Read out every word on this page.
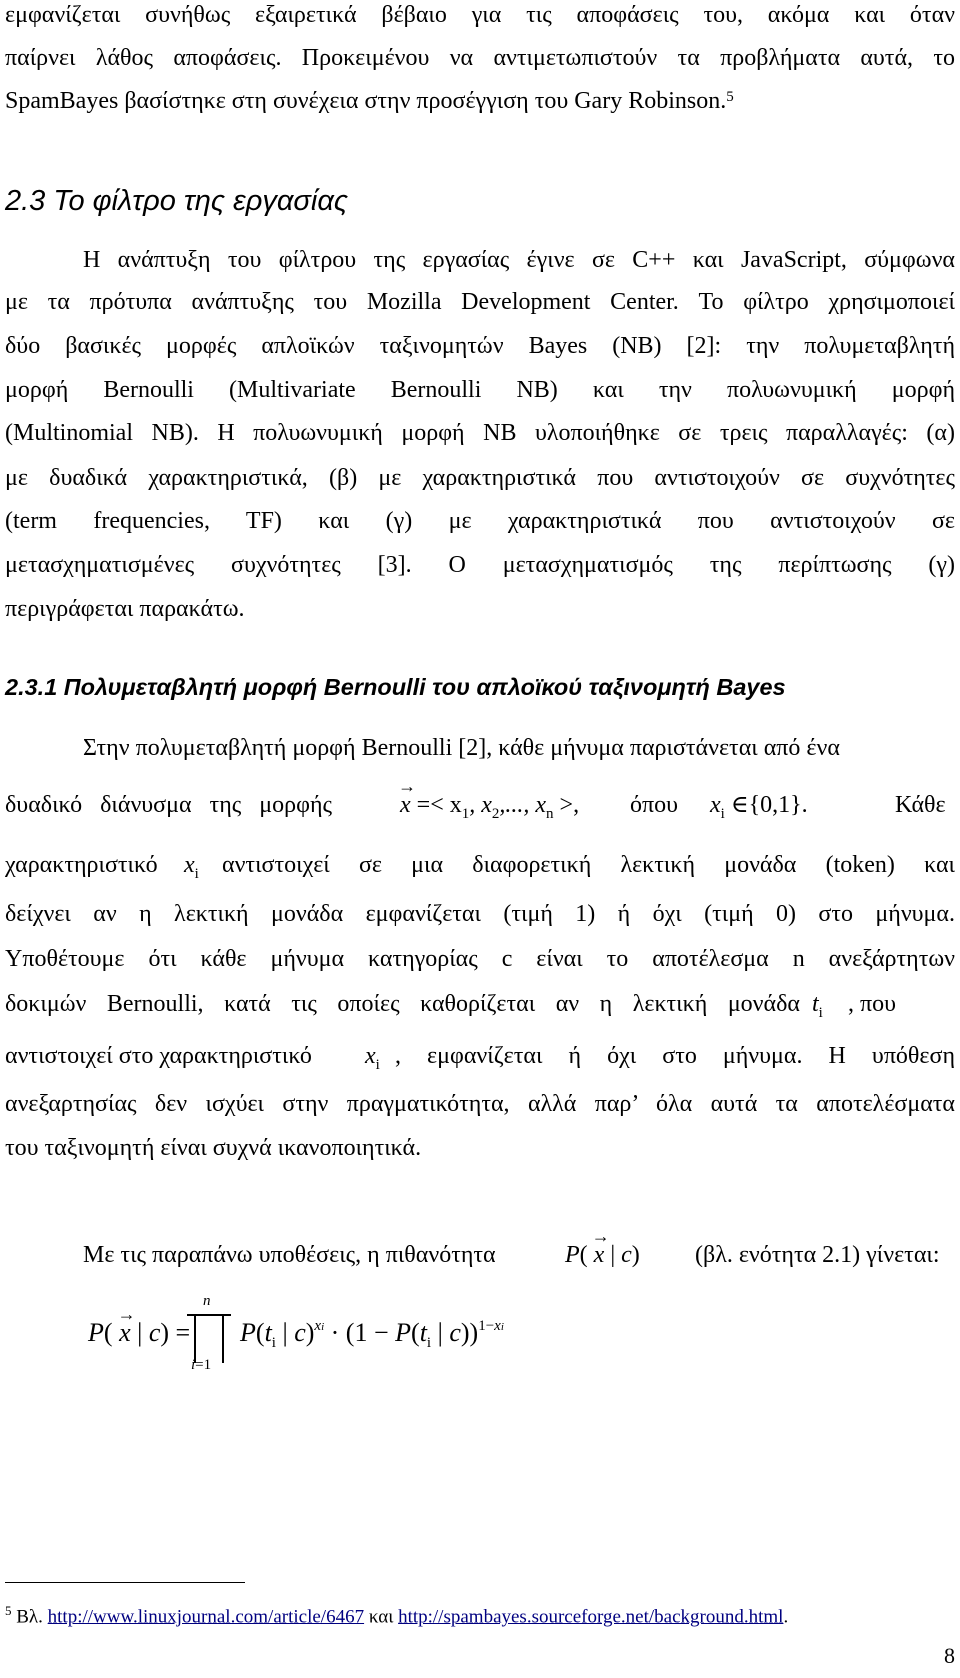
εμφανίζεται συνήθως εξαιρετικά βέβαιο για τις αποφάσεις του, ακόμα και όταν
παίρνει λάθος αποφάσεις. Προκειμένου να αντιμετωπιστούν τα προβλήματα αυτά, το
SpamBayes βασίστηκε στη συνέχεια στην προσέγγιση του Gary Robinson.$^5$
2.3 Το φίλτρο της εργασίας
Η ανάπτυξη του φίλτρου της εργασίας έγινε σε C++ και JavaScript, σύμφωνα
με τα πρότυπα ανάπτυξης του Mozilla Development Center. Το φίλτρο χρησιμοποιεί
δύο βασικές μορφές απλοϊκών ταξινομητών Bayes (NB) [2]: την πολυμεταβλητή
μορφή Bernoulli (Multivariate Bernoulli NB) και την πολυωνυμική μορφή
(Multinomial NB). Η πολυωνυμική μορφή NB υλοποιήθηκε σε τρεις παραλλαγές: (α)
με δυαδικά χαρακτηριστικά, (β) με χαρακτηριστικά που αντιστοιχούν σε συχνότητες
(term frequencies, TF) και (γ) με χαρακτηριστικά που αντιστοιχούν σε
μετασχηματισμένες συχνότητες [3]. Ο μετασχηματισμός της περίπτωσης (γ)
περιγράφεται παρακάτω.
2.3.1 Πολυμεταβλητή μορφή Bernoulli του απλοϊκού ταξινομητή Bayes
Στην πολυμεταβλητή μορφή Bernoulli [2], κάθε μήνυμα παριστάνεται από ένα
δυαδικό διάνυσμα της μορφής
→
$x =< x_1$, $x_2$,..., $x_n$ >, όπου $x_i$ ∈{0,1}.	Κάθε
χαρακτηριστικό	$x_i$ αντιστοιχεί σε μια διαφορετική λεκτική μονάδα (token) και
δείχνει αν η λεκτική μονάδα εμφανίζεται (τιμή 1) ή όχι (τιμή 0) στο μήνυμα.
Υποθέτουμε ότι κάθε μήνυμα κατηγορίας c είναι το αποτέλεσμα n ανεξάρτητων
δοκιμών Bernoulli, κατά τις οποίες καθορίζεται αν η λεκτική μονάδα $t_i$ , που
αντιστοιχεί στο χαρακτηριστικό $x_i$ , εμφανίζεται ή όχι στο μήνυμα. Η υπόθεση
ανεξαρτησίας δεν ισχύει στην πραγματικότητα, αλλά παρ’ όλα αυτά τα αποτελέσματα
του ταξινομητή είναι συχνά ικανοποιητικά.
Με τις παραπάνω υποθέσεις, η πιθανότητα	P(
→
x | c) (βλ. ενότητα 2.1) γίνεται:
P(
→
x | c) =
n
i=1
$P(t_i$ | $c)^{xi} \cdot (1 - P(t_i$ | c))$^{1-xi}$
$^5$ Βλ. http://www.linuxjournal.com/article/6467 και http://spambayes.sourceforge.net/background.html.
8
